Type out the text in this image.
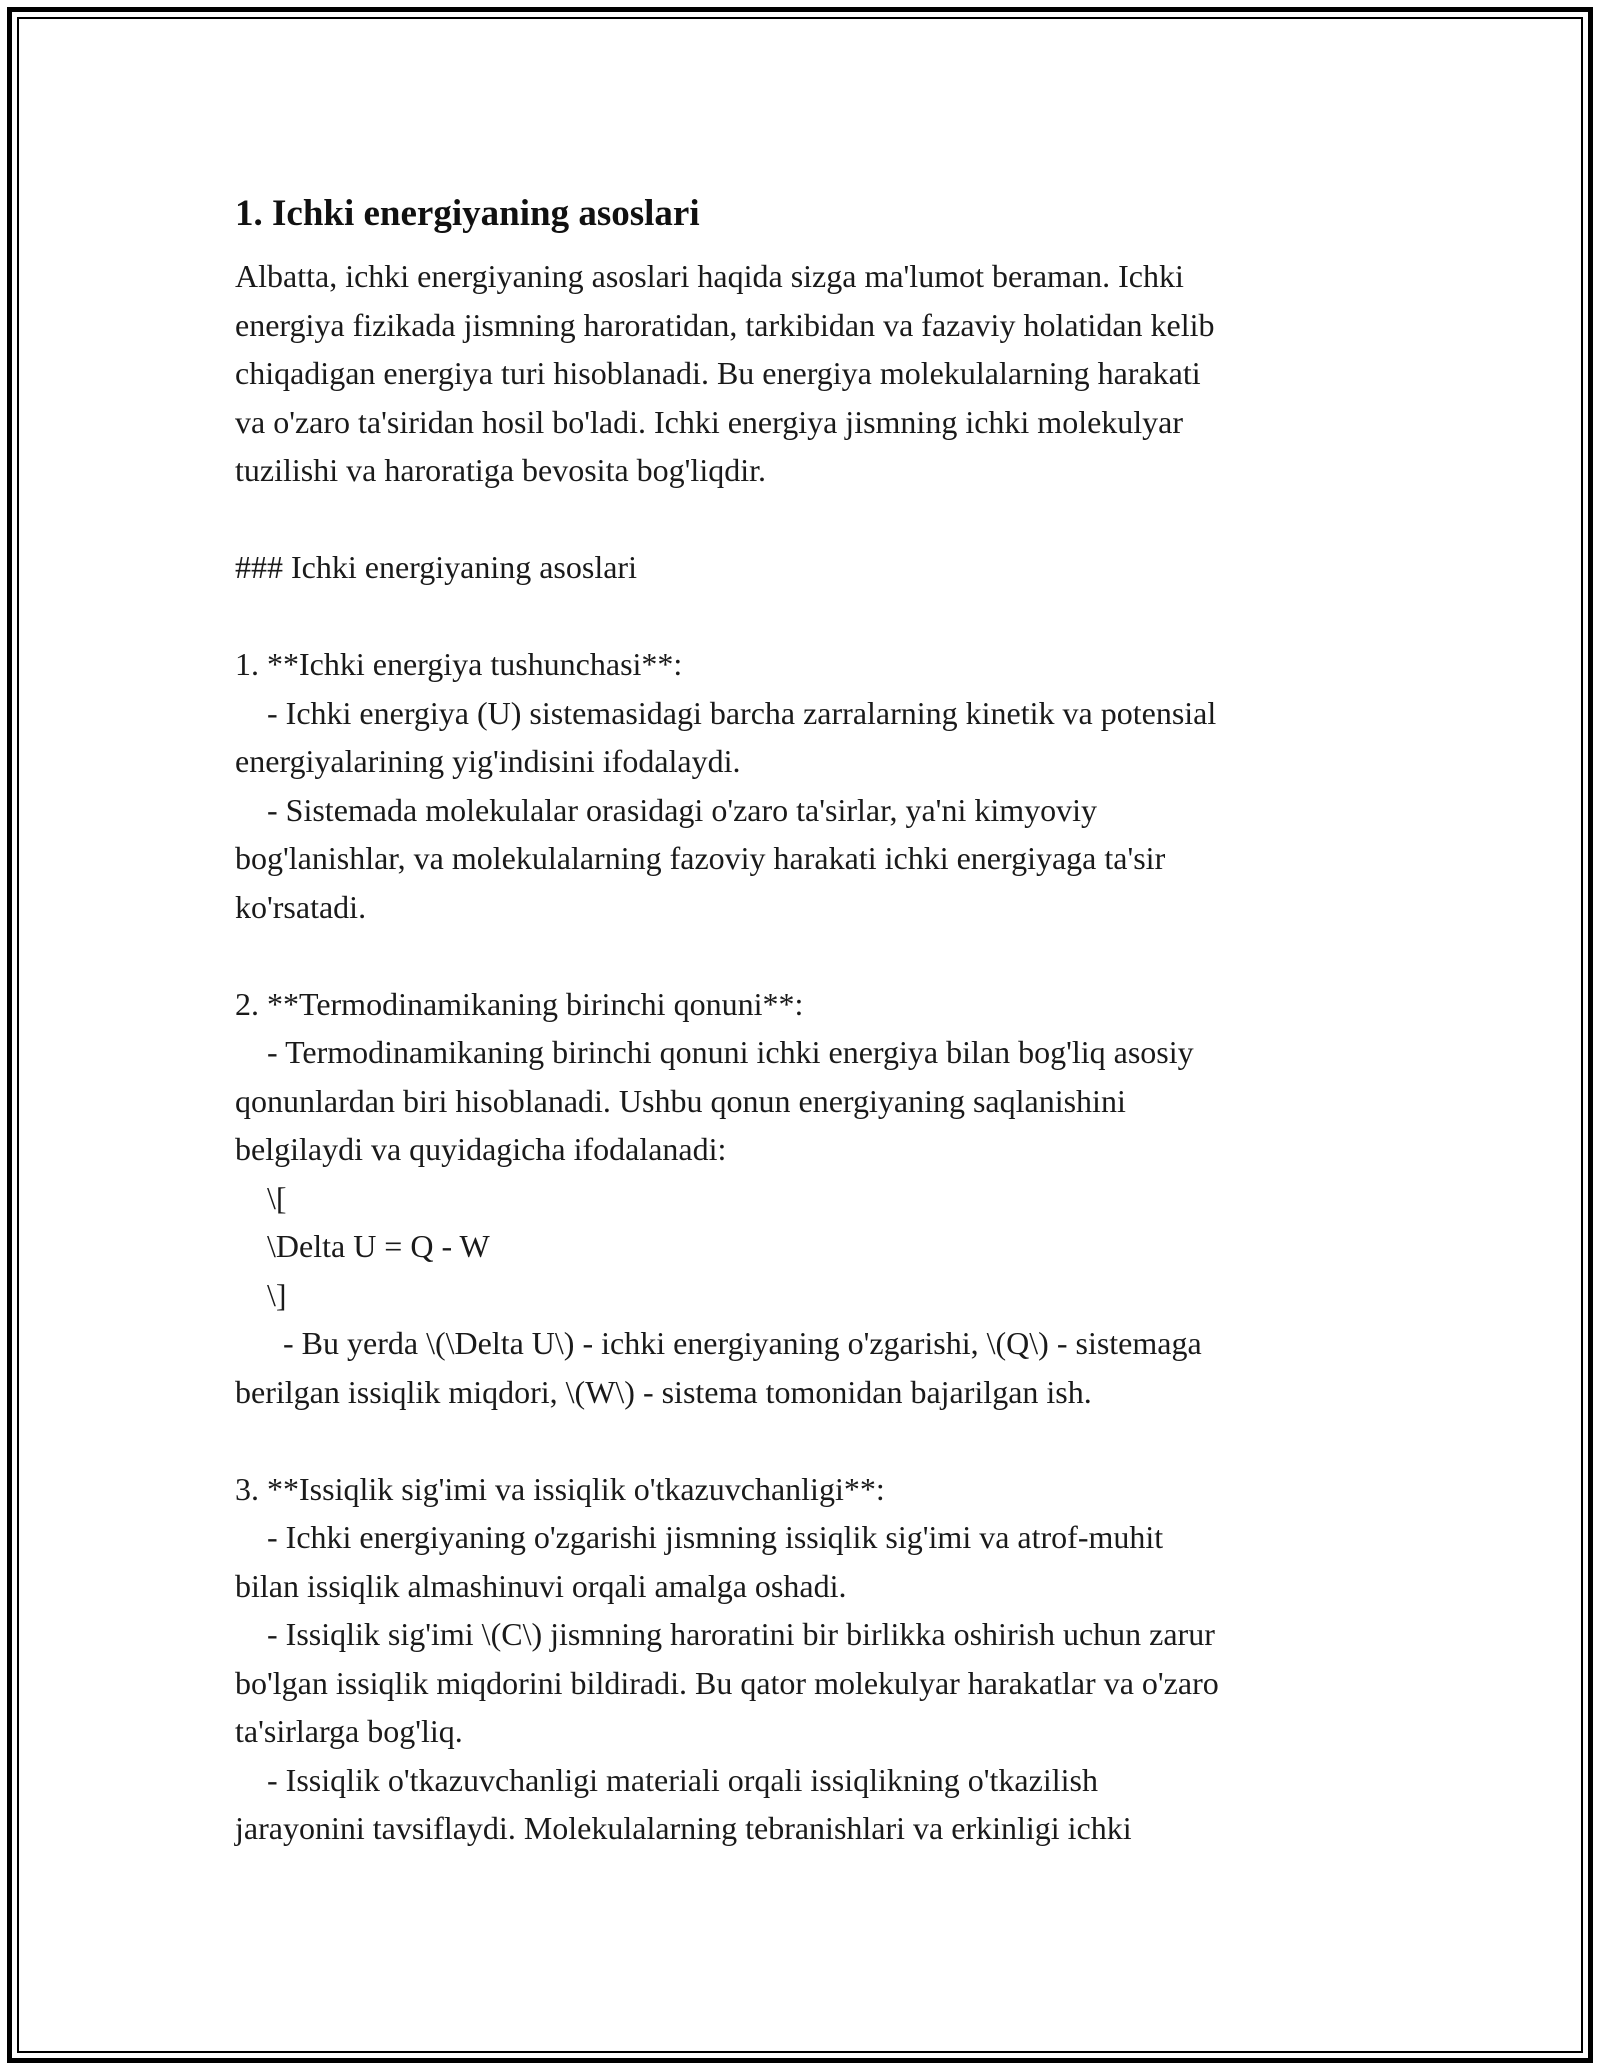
1. Ichki energiyaning asoslari
Albatta, ichki energiyaning asoslari haqida sizga ma'lumot beraman. Ichki
energiya fizikada jismning haroratidan, tarkibidan va fazaviy holatidan kelib
chiqadigan energiya turi hisoblanadi. Bu energiya molekulalarning harakati
va o'zaro ta'siridan hosil bo'ladi. Ichki energiya jismning ichki molekulyar
tuzilishi va haroratiga bevosita bog'liqdir.

### Ichki energiyaning asoslari

1. **Ichki energiya tushunchasi**:
- Ichki energiya (U) sistemasidagi barcha zarralarning kinetik va potensial
energiyalarining yig'indisini ifodalaydi.
- Sistemada molekulalar orasidagi o'zaro ta'sirlar, ya'ni kimyoviy
bog'lanishlar, va molekulalarning fazoviy harakati ichki energiyaga ta'sir
ko'rsatadi.

2. **Termodinamikaning birinchi qonuni**:
- Termodinamikaning birinchi qonuni ichki energiya bilan bog'liq asosiy
qonunlardan biri hisoblanadi. Ushbu qonun energiyaning saqlanishini
belgilaydi va quyidagicha ifodalanadi:
\[
\Delta U = Q - W
\]
- Bu yerda \(\Delta U\) - ichki energiyaning o'zgarishi, \(Q\) - sistemaga
berilgan issiqlik miqdori, \(W\) - sistema tomonidan bajarilgan ish.

3. **Issiqlik sig'imi va issiqlik o'tkazuvchanligi**:
- Ichki energiyaning o'zgarishi jismning issiqlik sig'imi va atrof-muhit
bilan issiqlik almashinuvi orqali amalga oshadi.
- Issiqlik sig'imi \(C\) jismning haroratini bir birlikka oshirish uchun zarur
bo'lgan issiqlik miqdorini bildiradi. Bu qator molekulyar harakatlar va o'zaro
ta'sirlarga bog'liq.
- Issiqlik o'tkazuvchanligi materiali orqali issiqlikning o'tkazilish
jarayonini tavsiflaydi. Molekulalarning tebranishlari va erkinligi ichki
